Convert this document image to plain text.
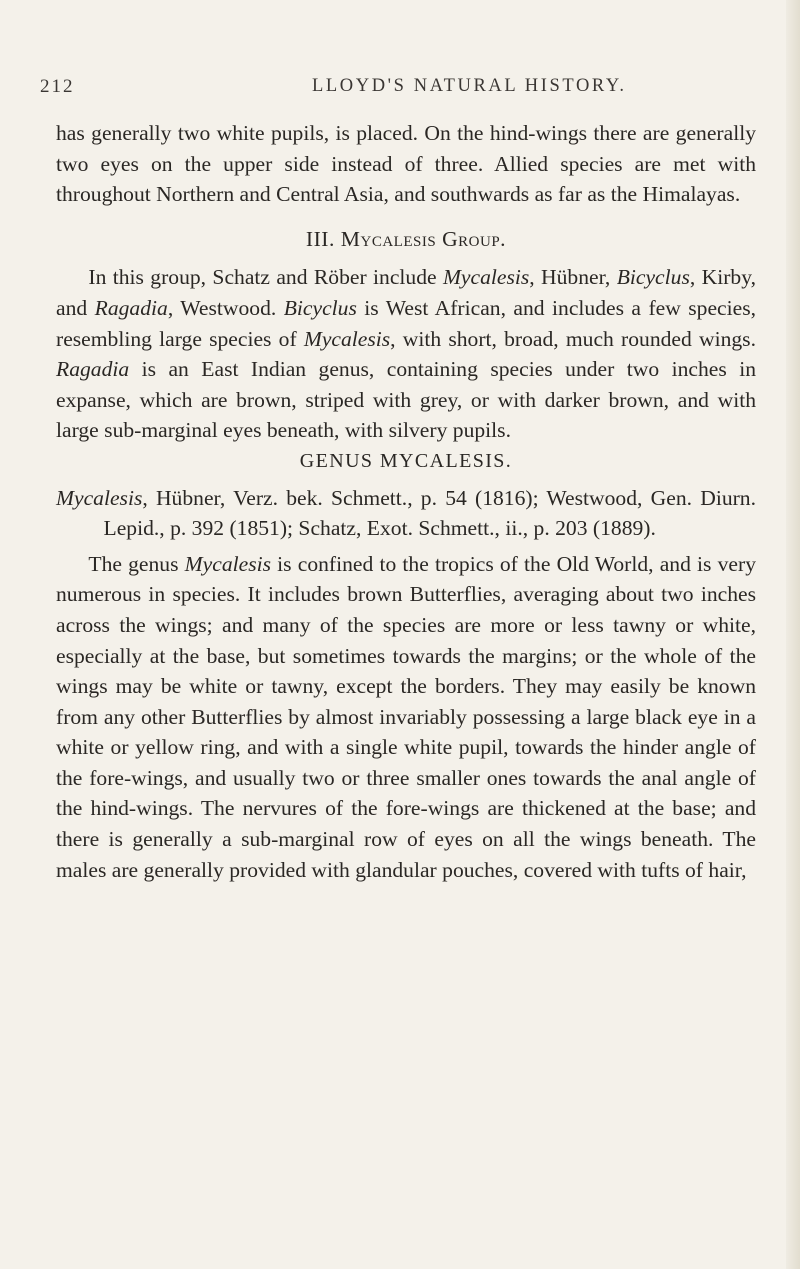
212	LLOYD'S NATURAL HISTORY.

has generally two white pupils, is placed. On the hind-wings there are generally two eyes on the upper side instead of three. Allied species are met with throughout Northern and Central Asia, and southwards as far as the Himalayas.

III. Mycalesis Group.

In this group, Schatz and Röber include Mycalesis, Hübner, Bicyclus, Kirby, and Ragadia, Westwood. Bicyclus is West African, and includes a few species, resembling large species of Mycalesis, with short, broad, much rounded wings. Ragadia is an East Indian genus, containing species under two inches in expanse, which are brown, striped with grey, or with darker brown, and with large sub-marginal eyes beneath, with silvery pupils.

GENUS MYCALESIS.

Mycalesis, Hübner, Verz. bek. Schmett., p. 54 (1816); Westwood, Gen. Diurn. Lepid., p. 392 (1851); Schatz, Exot. Schmett., ii., p. 203 (1889).

The genus Mycalesis is confined to the tropics of the Old World, and is very numerous in species. It includes brown Butterflies, averaging about two inches across the wings; and many of the species are more or less tawny or white, especially at the base, but sometimes towards the margins; or the whole of the wings may be white or tawny, except the borders. They may easily be known from any other Butterflies by almost invariably possessing a large black eye in a white or yellow ring, and with a single white pupil, towards the hinder angle of the fore-wings, and usually two or three smaller ones towards the anal angle of the hind-wings. The nervures of the fore-wings are thickened at the base; and there is generally a sub-marginal row of eyes on all the wings beneath. The males are generally provided with glandular pouches, covered with tufts of hair,
